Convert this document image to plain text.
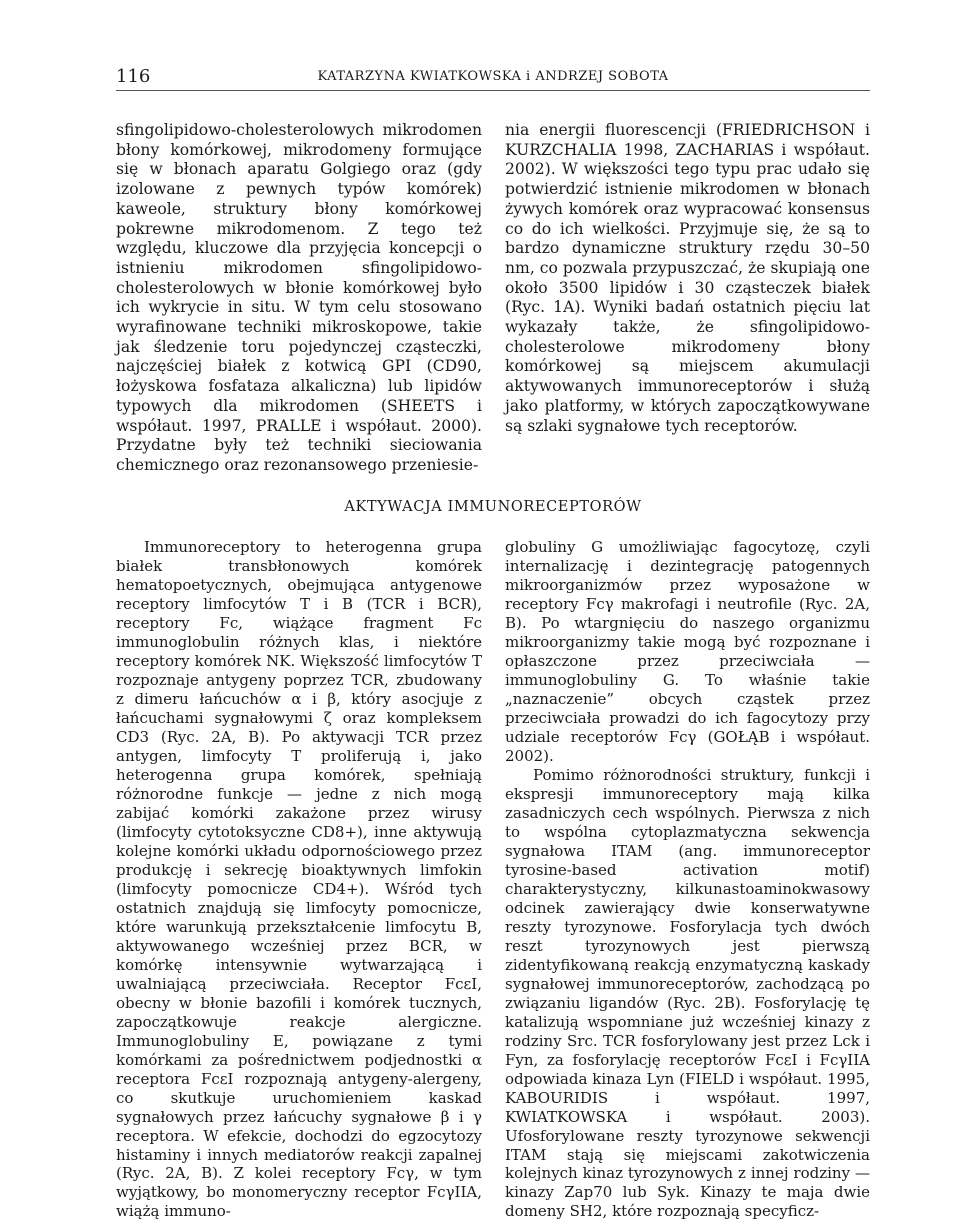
116	KATARZYNA KWIATKOWSKA i ANDRZEJ SOBOTA

sfingolipidowo-cholesterolowych mikrodomen błony komórkowej, mikrodomeny formujące się w błonach aparatu Golgiego oraz (gdy izolowane z pewnych typów komórek) kaweole, struktury błony komórkowej pokrewne mikrodomenom. Z tego też względu, kluczowe dla przyjęcia koncepcji o istnieniu mikrodomen sfingolipidowo-cholesterolowych w błonie komórkowej było ich wykrycie in situ. W tym celu stosowano wyrafinowane techniki mikroskopowe, takie jak śledzenie toru pojedynczej cząsteczki, najczęściej białek z kotwicą GPI (CD90, łożyskowa fosfataza alkaliczna) lub lipidów typowych dla mikrodomen (SHEETS i współaut. 1997, PRALLE i współaut. 2000). Przydatne były też techniki sieciowania chemicznego oraz rezonansowego przeniesie-

nia energii fluorescencji (FRIEDRICHSON i KURZCHALIA 1998, ZACHARIAS i współaut. 2002). W większości tego typu prac udało się potwierdzić istnienie mikrodomen w błonach żywych komórek oraz wypracować konsensus co do ich wielkości. Przyjmuje się, że są to bardzo dynamiczne struktury rzędu 30–50 nm, co pozwala przypuszczać, że skupiają one około 3500 lipidów i 30 cząsteczek białek (Ryc. 1A). Wyniki badań ostatnich pięciu lat wykazały także, że sfingolipidowo-cholesterolowe mikrodomeny błony komórkowej są miejscem akumulacji aktywowanych immunoreceptorów i służą jako platformy, w których zapoczątkowywane są szlaki sygnałowe tych receptorów.

AKTYWACJA IMMUNORECEPTORÓW

Immunoreceptory to heterogenna grupa białek transbłonowych komórek hematopoetycznych, obejmująca antygenowe receptory limfocytów T i B (TCR i BCR), receptory Fc, wiążące fragment Fc immunoglobulin różnych klas, i niektóre receptory komórek NK. Większość limfocytów T rozpoznaje antygeny poprzez TCR, zbudowany z dimeru łańcuchów α i β, który asocjuje z łańcuchami sygnałowymi ζ oraz kompleksem CD3 (Ryc. 2A, B). Po aktywacji TCR przez antygen, limfocyty T proliferują i, jako heterogenna grupa komórek, spełniają różnorodne funkcje — jedne z nich mogą zabijać komórki zakażone przez wirusy (limfocyty cytotoksyczne CD8+), inne aktywują kolejne komórki układu odpornościowego przez produkcję i sekrecję bioaktywnych limfokin (limfocyty pomocnicze CD4+). Wśród tych ostatnich znajdują się limfocyty pomocnicze, które warunkują przekształcenie limfocytu B, aktywowanego wcześniej przez BCR, w komórkę intensywnie wytwarzającą i uwalniającą przeciwciała. Receptor FcεI, obecny w błonie bazofili i komórek tucznych, zapoczątkowuje reakcje alergiczne. Immunoglobuliny E, powiązane z tymi komórkami za pośrednictwem podjednostki α receptora FcεI rozpoznają antygeny-alergeny, co skutkuje uruchomieniem kaskad sygnałowych przez łańcuchy sygnałowe β i γ receptora. W efekcie, dochodzi do egzocytozy histaminy i innych mediatorów reakcji zapalnej (Ryc. 2A, B). Z kolei receptory Fcγ, w tym wyjątkowy, bo monomeryczny receptor FcγIIA, wiążą immuno-

globuliny G umożliwiając fagocytozę, czyli internalizację i dezintegrację patogennych mikroorganizmów przez wyposażone w receptory Fcγ makrofagi i neutrofile (Ryc. 2A, B). Po wtargnięciu do naszego organizmu mikroorganizmy takie mogą być rozpoznane i opłaszczone przez przeciwciała — immunoglobuliny G. To właśnie takie „naznaczenie” obcych cząstek przez przeciwciała prowadzi do ich fagocytozy przy udziale receptorów Fcγ (GOŁĄB i współaut. 2002).

Pomimo różnorodności struktury, funkcji i ekspresji immunoreceptory mają kilka zasadniczych cech wspólnych. Pierwsza z nich to wspólna cytoplazmatyczna sekwencja sygnałowa ITAM (ang. immunoreceptor tyrosine-based activation motif) charakterystyczny, kilkunastoaminokwasowy odcinek zawierający dwie konserwatywne reszty tyrozynowe. Fosforylacja tych dwóch reszt tyrozynowych jest pierwszą zidentyfikowaną reakcją enzymatyczną kaskady sygnałowej immunoreceptorów, zachodzącą po związaniu ligandów (Ryc. 2B). Fosforylację tę katalizują wspomniane już wcześniej kinazy z rodziny Src. TCR fosforylowany jest przez Lck i Fyn, za fosforylację receptorów FcεI i FcγIIA odpowiada kinaza Lyn (FIELD i współaut. 1995, KABOURIDIS i współaut. 1997, KWIATKOWSKA i współaut. 2003). Ufosforylowane reszty tyrozynowe sekwencji ITAM stają się miejscami zakotwiczenia kolejnych kinaz tyrozynowych z innej rodziny — kinazy Zap70 lub Syk. Kinazy te maja dwie domeny SH2, które rozpoznają specyficz-
